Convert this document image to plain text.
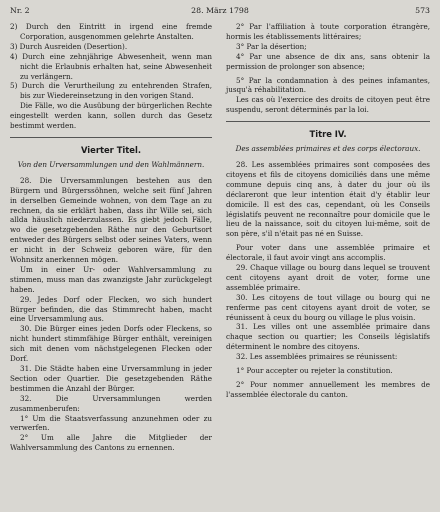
Nr. 2	28. März 1798	573

2) Durch den Eintritt in irgend eine fremde Corporation, ausgenommen gelehrte Anstalten.

3) Durch Ausreiden (Desertion).

4) Durch eine zehnjährige Abwesenheit, wenn man nicht die Erlaubnis erhalten hat, seine Abwesenheit zu verlängern.

5) Durch die Verurtheilung zu entehrenden Strafen, bis zur Wiedereinsetzung in den vorigen Stand.

Die Fälle, wo die Ausübung der bürgerlichen Rechte eingestellt werden kann, sollen durch das Gesetz bestimmt werden.

Vierter Titel.
Von den Urversammlungen und den Wahlmännern.

28. Die Urversammlungen bestehen aus den Bürgern und Bürgerssöhnen, welche seit fünf Jahren in derselben Gemeinde wohnen, von dem Tage an zu rechnen, da sie erklärt haben, dass ihr Wille sei, sich allda häuslich niederzulassen. Es giebt jedoch Fälle, wo die gesetzgebenden Räthe nur den Geburtsort entweder des Bürgers selbst oder seines Vaters, wenn er nicht in der Schweiz geboren wäre, für den Wohnsitz anerkennen mögen.

Um in einer Ur- oder Wahlversammlung zu stimmen, muss man das zwanzigste Jahr zurückgelegt haben.

29. Jedes Dorf oder Flecken, wo sich hundert Bürger befinden, die das Stimmrecht haben, macht eine Urversammlung aus.

30. Die Bürger eines jeden Dorfs oder Fleckens, so nicht hundert stimmfähige Bürger enthält, vereinigen sich mit denen vom nächstgelegenen Flecken oder Dorf.

31. Die Städte haben eine Urversammlung in jeder Section oder Quartier. Die gesetzgebenden Räthe bestimmen die Anzahl der Bürger.

32. Die Urversammlungen werden zusammenberufen:

1° Um die Staatsverfassung anzunehmen oder zu verwerfen.

2° Um alle Jahre die Mitglieder der Wahlversammlung des Cantons zu ernennen.

2° Par l'affiliation à toute corporation étrangère, hormis les établissements littéraires;

3° Par la désertion;

4° Par une absence de dix ans, sans obtenir la permission de prolonger son absence;

5° Par la condamnation à des peines infamantes, jusqu'à réhabilitation.

Les cas où l'exercice des droits de citoyen peut être suspendu, seront déterminés par la loi.

Titre IV.
Des assemblées primaires et des corps électoraux.

28. Les assemblées primaires sont composées des citoyens et fils de citoyens domiciliés dans une même commune depuis cinq ans, à dater du jour où ils déclareront que leur intention était d'y établir leur domicile. Il est des cas, cependant, où les Conseils législatifs peuvent ne reconnaître pour domicile que le lieu de la naissance, soit du citoyen lui-même, soit de son père, s'il n'était pas né en Suisse.

Pour voter dans une assemblée primaire et électorale, il faut avoir vingt ans accomplis.

29. Chaque village ou bourg dans lequel se trouvent cent citoyens ayant droit de voter, forme une assemblée primaire.

30. Les citoyens de tout village ou bourg qui ne renferme pas cent citoyens ayant droit de voter, se réunissent à ceux du bourg ou village le plus voisin.

31. Les villes ont une assemblée primaire dans chaque section ou quartier; les Conseils législatifs déterminent le nombre des citoyens.

32. Les assemblées primaires se réunissent:

1° Pour accepter ou rejeter la constitution.

2° Pour nommer annuellement les membres de l'assemblée électorale du canton.
